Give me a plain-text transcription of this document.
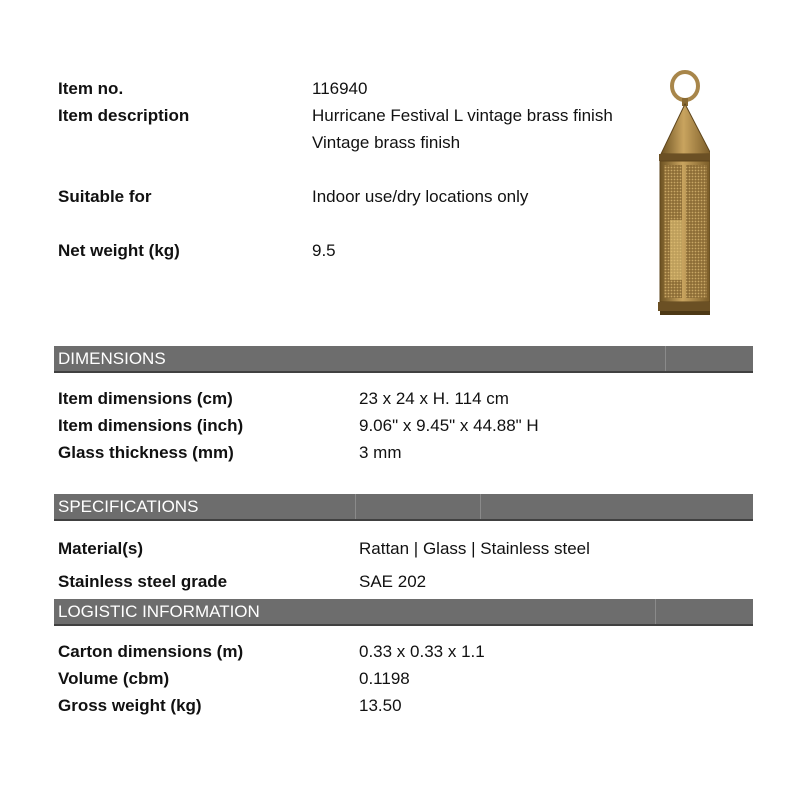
Item no.	116940
Item description	Hurricane Festival L vintage brass finish
Vintage brass finish
Suitable for	Indoor use/dry locations only
Net weight (kg)	9.5
DIMENSIONS
Item dimensions (cm)	23 x 24 x H. 114 cm
Item dimensions (inch)	9.06" x 9.45" x 44.88" H
Glass thickness (mm)	3 mm
SPECIFICATIONS
Material(s)	Rattan | Glass | Stainless steel
Stainless steel grade	SAE 202
LOGISTIC INFORMATION
Carton dimensions (m)	0.33 x 0.33 x 1.1
Volume (cbm)	0.1198
Gross weight (kg)	13.50
